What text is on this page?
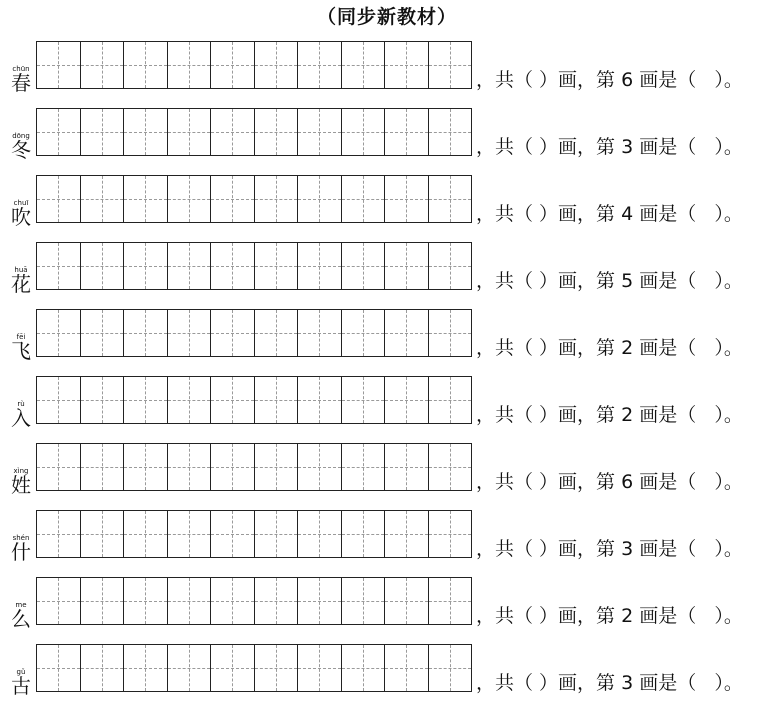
（同步新教材）
chūn
春	，共（ ）画，第 6 画是（   ）。
dōng
冬	，共（ ）画，第 3 画是（   ）。
chuī
吹	，共（ ）画，第 4 画是（   ）。
huā
花	，共（ ）画，第 5 画是（   ）。
fēi
飞	，共（ ）画，第 2 画是（   ）。
rù
入	，共（ ）画，第 2 画是（   ）。
xìng
姓	，共（ ）画，第 6 画是（   ）。
shén
什	，共（ ）画，第 3 画是（   ）。
me
么	，共（ ）画，第 2 画是（   ）。
gǔ
古	，共（ ）画，第 3 画是（   ）。
